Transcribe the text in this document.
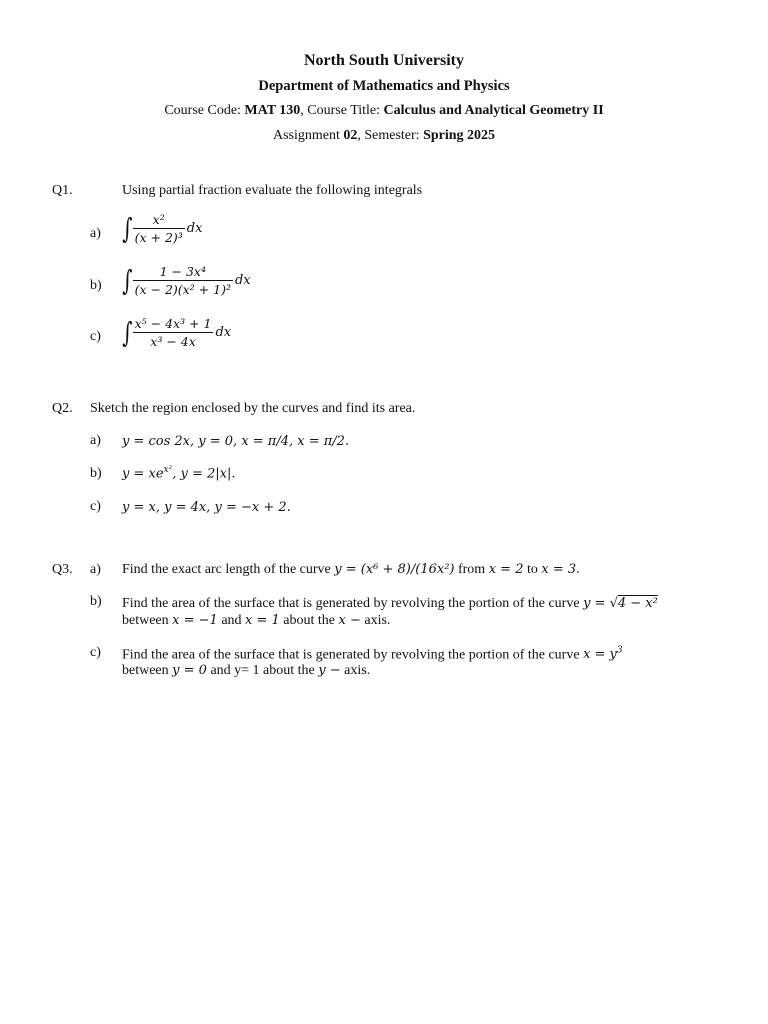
North South University
Department of Mathematics and Physics
Course Code: MAT 130, Course Title: Calculus and Analytical Geometry II
Assignment 02, Semester: Spring 2025
Q1.	Using partial fraction evaluate the following integrals
a) ∫ $\frac{\text{x²}}{\text{(x + 2)³}}$ dx
b) ∫ $\frac{\text{1 − 3x⁴}}{\text{(x − 2)(x² + 1)²}}$ dx
c) ∫ $\frac{\text{x⁵ − 4x³ + 1}}{\text{x³ − 4x}}$ dx
Q2. Sketch the region enclosed by the curves and find its area.
a) y = cos 2x, y = 0, x = π/4, x = π/2.
b) $y = xe^{x^2}$, y = 2|x|.
c) y = x, y = 4x, y = −x + 2.
Q3. a) Find the exact arc length of the curve y = (x⁶ + 8)/(16x²) from x = 2 to x = 3.
b) Find the area of the surface that is generated by revolving the portion of the curve y = √4 − x²
between x = −1 and x = 1 about the x − axis.
c) Find the area of the surface that is generated by revolving the portion of the curve $x = y^3$
between y = 0 and y= 1 about the y − axis.
